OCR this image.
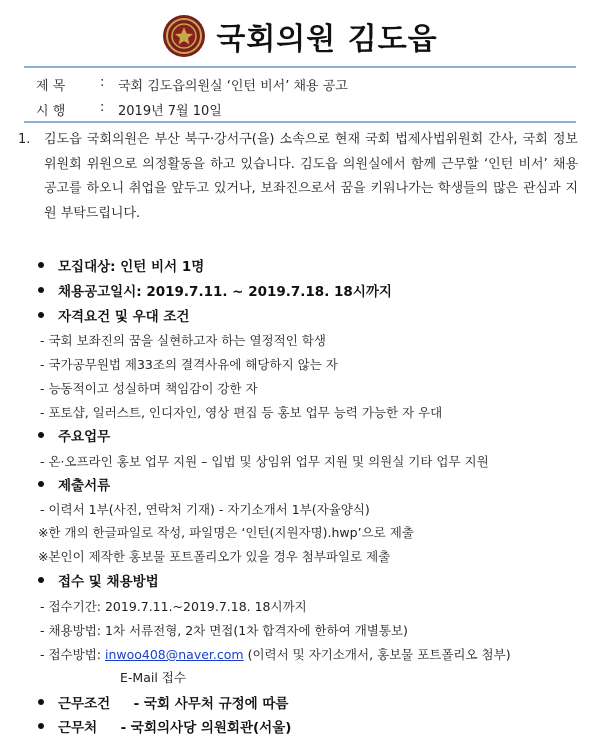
국회의원 김도읍
제 목	:	국회 김도읍의원실 ‘인턴 비서’ 채용 공고
시 행	:	2019년 7월 10일
1. 김도읍 국회의원은 부산 북구·강서구(을) 소속으로 현재 국회 법제사법위원회 간사, 국회 정보위원회 위원으로 의정활동을 하고 있습니다. 김도읍 의원실에서 함께 근무할 ‘인턴 비서’ 채용 공고를 하오니 취업을 앞두고 있거나, 보좌진으로서 꿈을 키워나가는 학생들의 많은 관심과 지원 부탁드립니다.
모집대상: 인턴 비서 1명
채용공고일시: 2019.7.11. ~ 2019.7.18. 18시까지
자격요건 및 우대 조건
- 국회 보좌진의 꿈을 실현하고자 하는 열정적인 학생
- 국가공무원법 제33조의 결격사유에 해당하지 않는 자
- 능동적이고 성실하며 책임감이 강한 자
- 포토샵, 일러스트, 인디자인, 영상 편집 등 홍보 업무 능력 가능한 자 우대
주요업무
- 온·오프라인 홍보 업무 지원 – 입법 및 상임위 업무 지원 및 의원실 기타 업무 지원
제출서류
- 이력서 1부(사진, 연락처 기재) - 자기소개서 1부(자율양식)
※한 개의 한글파일로 작성, 파일명은 ‘인턴(지원자명).hwp’으로 제출
※본인이 제작한 홍보물 포트폴리오가 있을 경우 첨부파일로 제출
접수 및 채용방법
- 접수기간: 2019.7.11.~2019.7.18. 18시까지
- 채용방법: 1차 서류전형, 2차 면접(1차 합격자에 한하여 개별통보)
- 접수방법: inwoo408@naver.com (이력서 및 자기소개서, 홍보물 포트폴리오 첨부)
E-Mail 접수
근무조건     - 국회 사무처 규정에 따름
근무처     - 국회의사당 의원회관(서울)
